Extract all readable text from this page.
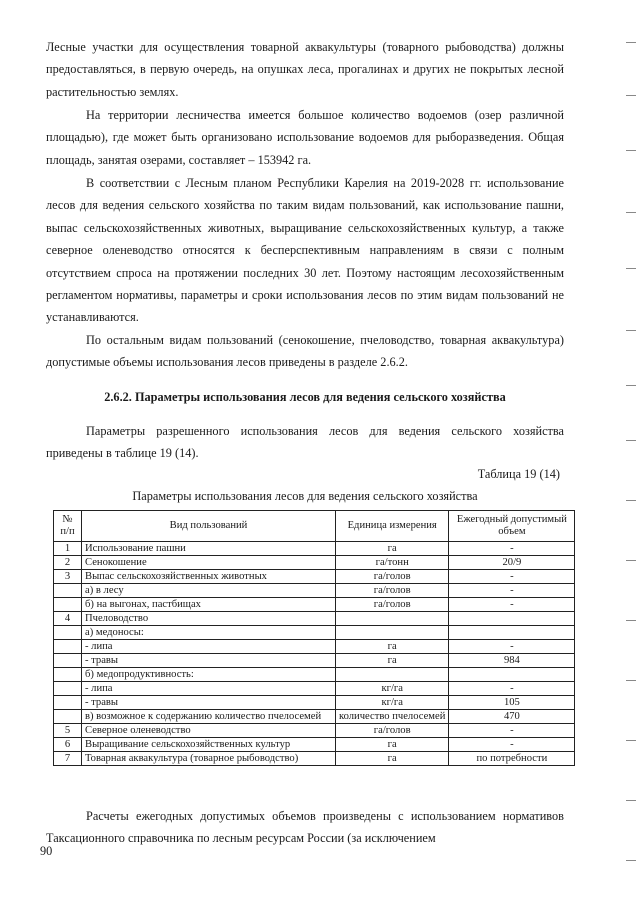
Лесные участки для осуществления товарной аквакультуры (товарного рыбоводства) должны предоставляться, в первую очередь, на опушках леса, прогалинах и других не покрытых лесной растительностью землях.

На территории лесничества имеется большое количество водоемов (озер различной площадью), где может быть организовано использование водоемов для рыборазведения. Общая площадь, занятая озерами, составляет – 153942 га.

В соответствии с Лесным планом Республики Карелия на 2019-2028 гг. использование лесов для ведения сельского хозяйства по таким видам пользований, как использование пашни, выпас сельскохозяйственных животных, выращивание сельскохозяйственных культур, а также северное оленеводство относятся к бесперспективным направлениям в связи с полным отсутствием спроса на протяжении последних 30 лет. Поэтому настоящим лесохозяйственным регламентом нормативы, параметры и сроки использования лесов по этим видам пользований не устанавливаются.

По остальным видам пользований (сенокошение, пчеловодство, товарная аквакультура) допустимые объемы использования лесов приведены в разделе 2.6.2.

2.6.2. Параметры использования лесов для ведения сельского хозяйства

Параметры разрешенного использования лесов для ведения сельского хозяйства приведены в таблице 19 (14).

Таблица 19 (14)
Параметры использования лесов для ведения сельского хозяйства
№ п/п	Вид пользований	Единица измерения	Ежегодный допустимый объем
1	Использование пашни	га	-
2	Сенокошение	га/тонн	20/9
3	Выпас сельскохозяйственных животных	га/голов	-
	а) в лесу	га/голов	-
	б) на выгонах, пастбищах	га/голов	-
4	Пчеловодство		
	а) медоносы:		
	- липа	га	-
	- травы	га	984
	б) медопродуктивность:		
	- липа	кг/га	-
	- травы	кг/га	105
	в) возможное к содержанию количество пчелосемей	количество пчелосемей	470
5	Северное оленеводство	га/голов	-
6	Выращивание сельскохозяйственных культур	га	-
7	Товарная аквакультура (товарное рыбоводство)	га	по потребности

Расчеты ежегодных допустимых объемов произведены с использованием нормативов Таксационного справочника по лесным ресурсам России (за исключением

90
